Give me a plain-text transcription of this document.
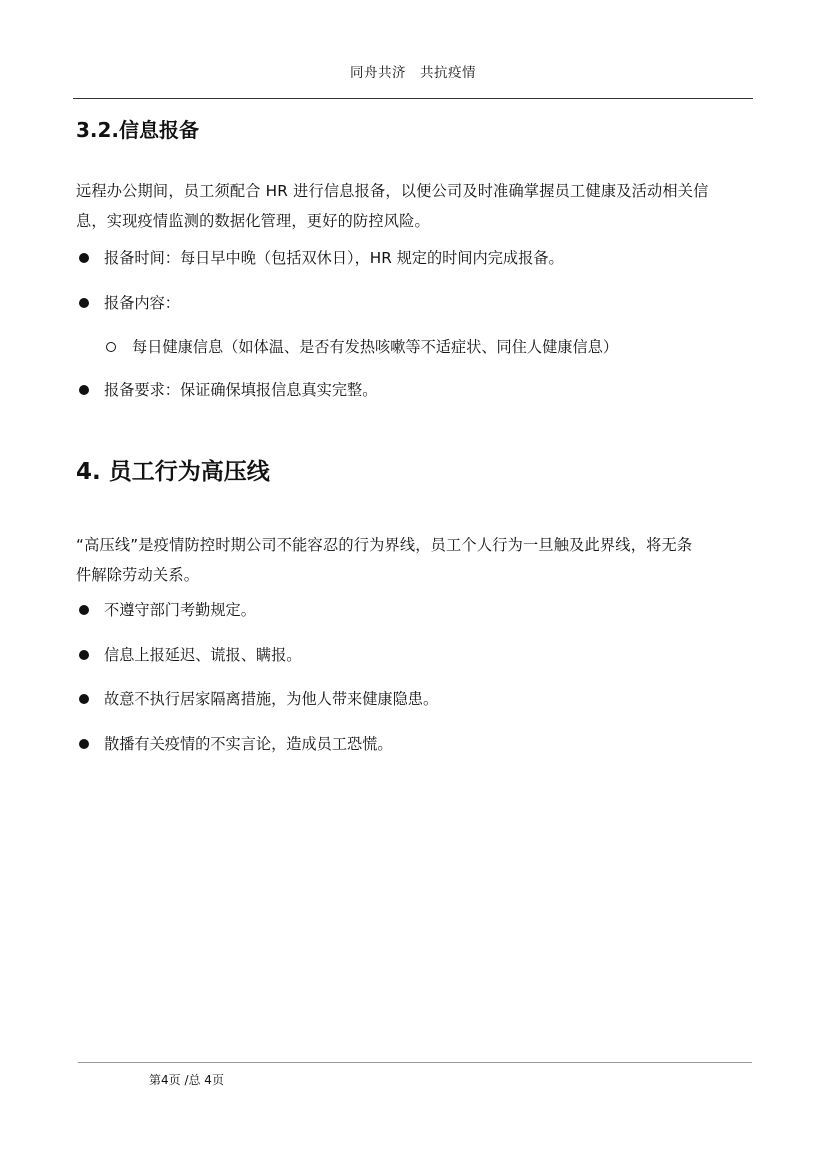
同舟共济　共抗疫情
3.2.信息报备

远程办公期间，员工须配合 HR 进行信息报备，以便公司及时准确掌握员工健康及活动相关信

息，实现疫情监测的数据化管理，更好的防控风险。

报备时间：每日早中晚（包括双休日），HR 规定的时间内完成报备。
报备内容：
每日健康信息（如体温、是否有发热咳嗽等不适症状、同住人健康信息）
报备要求：保证确保填报信息真实完整。
4. 员工行为高压线

“高压线”是疫情防控时期公司不能容忍的行为界线，员工个人行为一旦触及此界线，将无条

件解除劳动关系。

不遵守部门考勤规定。
信息上报延迟、谎报、瞒报。
故意不执行居家隔离措施，为他人带来健康隐患。
散播有关疫情的不实言论，造成员工恐慌。
第4页 /总 4页
